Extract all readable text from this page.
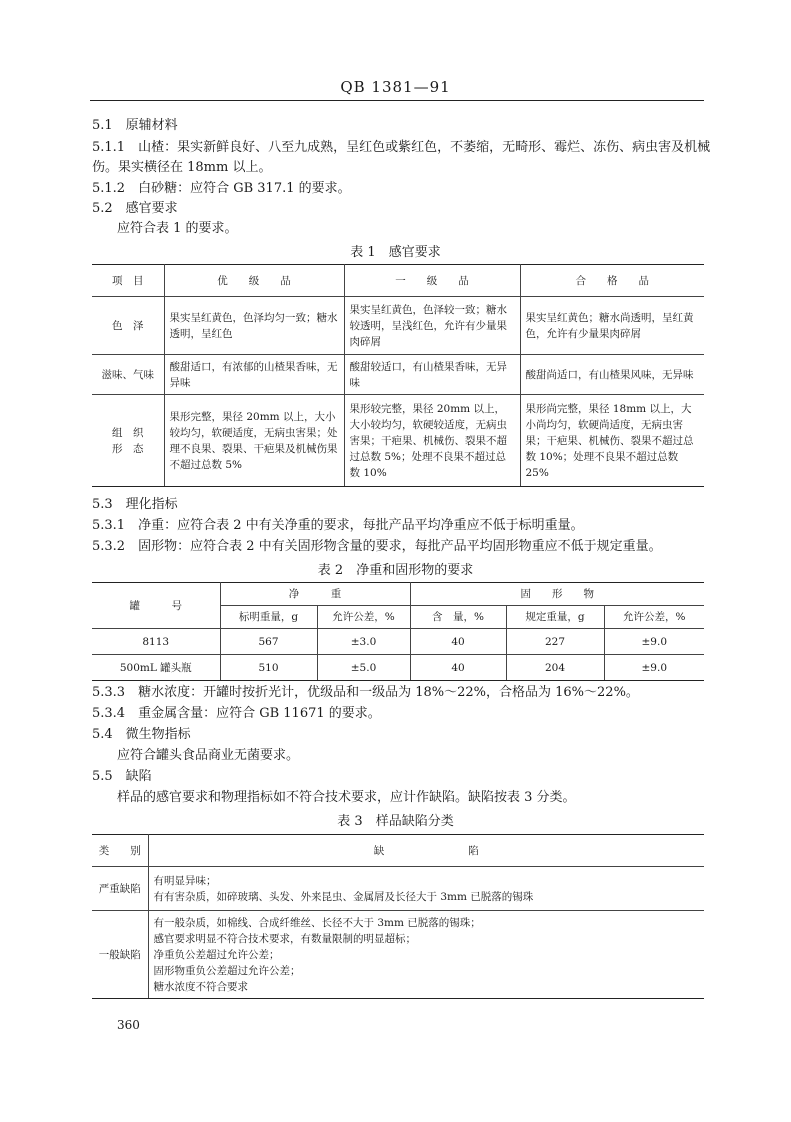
QB 1381—91
5.1　原辅材料
5.1.1　山楂：果实新鲜良好、八至九成熟，呈红色或紫红色，不萎缩，无畸形、霉烂、冻伤、病虫害及机械
伤。果实横径在 18mm 以上。
5.1.2　白砂糖：应符合 GB 317.1 的要求。
5.2　感官要求
应符合表 1 的要求。
表 1　感官要求
项　目	优　　级　　品	一　　级　　品	合　　格　　品
色　泽	果实呈红黄色，色泽均匀一致；糖水透明，呈红色	果实呈红黄色，色泽较一致；糖水较透明，呈浅红色，允许有少量果肉碎屑	果实呈红黄色；糖水尚透明，呈红黄色，允许有少量果肉碎屑
滋味、气味	酸甜适口，有浓郁的山楂果香味，无异味	酸甜较适口，有山楂果香味，无异味	酸甜尚适口，有山楂果风味，无异味
组　织
形　态	果形完整，果径 20mm 以上，大小较均匀，软硬适度，无病虫害果；处理不良果、裂果、干疤果及机械伤果不超过总数 5%	果形较完整，果径 20mm 以上，大小较均匀，软硬较适度，无病虫害果；干疤果、机械伤、裂果不超过总数 5%；处理不良果不超过总数 10%	果形尚完整，果径 18mm 以上，大小尚均匀，软硬尚适度，无病虫害果；干疤果、机械伤、裂果不超过总数 10%；处理不良果不超过总数 25%
5.3　理化指标
5.3.1　净重：应符合表 2 中有关净重的要求，每批产品平均净重应不低于标明重量。
5.3.2　固形物：应符合表 2 中有关固形物含量的要求，每批产品平均固形物重应不低于规定重量。
表 2　净重和固形物的要求
罐　　　号	净　　　重		固　　形　　物		
	标明重量，g	允许公差，%	含　量，%	规定重量，g	允许公差，%
8113	567	±3.0	40	227	±9.0
500mL 罐头瓶	510	±5.0	40	204	±9.0
5.3.3　糖水浓度：开罐时按折光计，优级品和一级品为 18%～22%，合格品为 16%～22%。
5.3.4　重金属含量：应符合 GB 11671 的要求。
5.4　微生物指标
应符合罐头食品商业无菌要求。
5.5　缺陷
样品的感官要求和物理指标如不符合技术要求，应计作缺陷。缺陷按表 3 分类。
表 3　样品缺陷分类
类　　别	缺　　　　　　　　陷
严重缺陷	有明显异味；
有有害杂质，如碎玻璃、头发、外来昆虫、金属屑及长径大于 3mm 已脱落的锡珠
一般缺陷	有一般杂质，如棉线、合成纤维丝、长径不大于 3mm 已脱落的锡珠；
感官要求明显不符合技术要求，有数量限制的明显超标；
净重负公差超过允许公差；
固形物重负公差超过允许公差；
糖水浓度不符合要求
360
